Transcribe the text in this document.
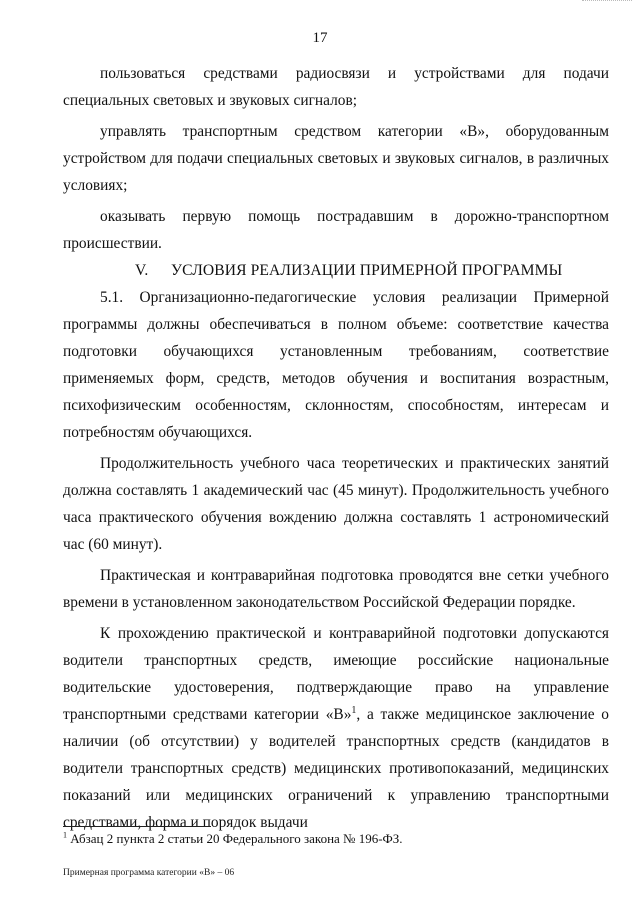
17

пользоваться средствами радиосвязи и устройствами для подачи специальных световых и звуковых сигналов;

управлять транспортным средством категории «В», оборудованным устройством для подачи специальных световых и звуковых сигналов, в различных условиях;

оказывать первую помощь пострадавшим в дорожно-транспортном происшествии.

V. УСЛОВИЯ РЕАЛИЗАЦИИ ПРИМЕРНОЙ ПРОГРАММЫ

5.1. Организационно-педагогические условия реализации Примерной программы должны обеспечиваться в полном объеме: соответствие качества подготовки обучающихся установленным требованиям, соответствие применяемых форм, средств, методов обучения и воспитания возрастным, психофизическим особенностям, склонностям, способностям, интересам и потребностям обучающихся.

Продолжительность учебного часа теоретических и практических занятий должна составлять 1 академический час (45 минут). Продолжительность учебного часа практического обучения вождению должна составлять 1 астрономический час (60 минут).

Практическая и контраварийная подготовка проводятся вне сетки учебного времени в установленном законодательством Российской Федерации порядке.

К прохождению практической и контраварийной подготовки допускаются водители транспортных средств, имеющие российские национальные водительские удостоверения, подтверждающие право на управление транспортными средствами категории «В»$^1$, а также медицинское заключение о наличии (об отсутствии) у водителей транспортных средств (кандидатов в водители транспортных средств) медицинских противопоказаний, медицинских показаний или медицинских ограничений к управлению транспортными средствами, форма и порядок выдачи

$^1$ Абзац 2 пункта 2 статьи 20 Федерального закона № 196-ФЗ.
Примерная программа категории «В» – 06
